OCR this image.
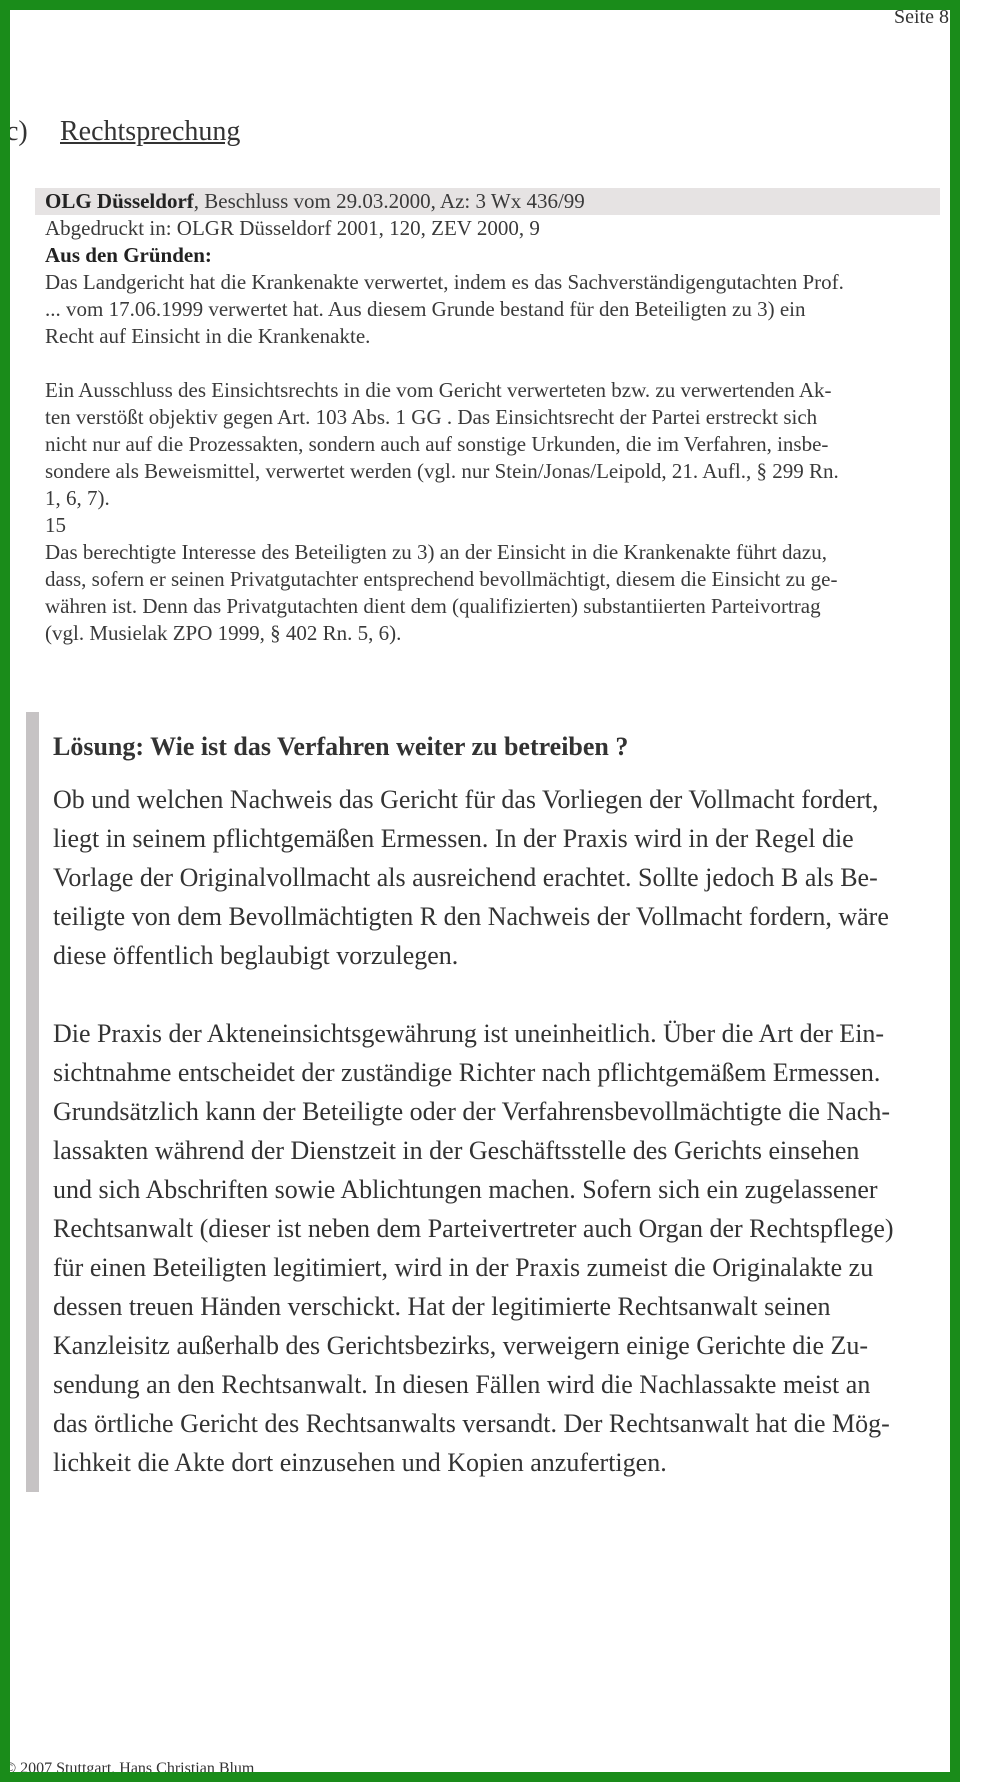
Seite 8
c) Rechtsprechung
OLG Düsseldorf, Beschluss vom 29.03.2000, Az: 3 Wx 436/99
Abgedruckt in: OLGR Düsseldorf 2001, 120, ZEV 2000, 9
Aus den Gründen:
Das Landgericht hat die Krankenakte verwertet, indem es das Sachverständigengutachten Prof.
... vom 17.06.1999 verwertet hat. Aus diesem Grunde bestand für den Beteiligten zu 3) ein
Recht auf Einsicht in die Krankenakte.
Ein Ausschluss des Einsichtsrechts in die vom Gericht verwerteten bzw. zu verwertenden Ak-
ten verstößt objektiv gegen Art. 103 Abs. 1 GG . Das Einsichtsrecht der Partei erstreckt sich
nicht nur auf die Prozessakten, sondern auch auf sonstige Urkunden, die im Verfahren, insbe-
sondere als Beweismittel, verwertet werden (vgl. nur Stein/Jonas/Leipold, 21. Aufl., § 299 Rn.
1, 6, 7).
15
Das berechtigte Interesse des Beteiligten zu 3) an der Einsicht in die Krankenakte führt dazu,
dass, sofern er seinen Privatgutachter entsprechend bevollmächtigt, diesem die Einsicht zu ge-
währen ist. Denn das Privatgutachten dient dem (qualifizierten) substantiierten Parteivortrag
(vgl. Musielak ZPO 1999, § 402 Rn. 5, 6).
Lösung: Wie ist das Verfahren weiter zu betreiben ?
Ob und welchen Nachweis das Gericht für das Vorliegen der Vollmacht fordert,
liegt in seinem pflichtgemäßen Ermessen. In der Praxis wird in der Regel die
Vorlage der Originalvollmacht als ausreichend erachtet. Sollte jedoch B als Be-
teiligte von dem Bevollmächtigten R den Nachweis der Vollmacht fordern, wäre
diese öffentlich beglaubigt vorzulegen.
Die Praxis der Akteneinsichtsgewährung ist uneinheitlich. Über die Art der Ein-
sichtnahme entscheidet der zuständige Richter nach pflichtgemäßem Ermessen.
Grundsätzlich kann der Beteiligte oder der Verfahrensbevollmächtigte die Nach-
lassakten während der Dienstzeit in der Geschäftsstelle des Gerichts einsehen
und sich Abschriften sowie Ablichtungen machen. Sofern sich ein zugelassener
Rechtsanwalt (dieser ist neben dem Parteivertreter auch Organ der Rechtspflege)
für einen Beteiligten legitimiert, wird in der Praxis zumeist die Originalakte zu
dessen treuen Händen verschickt. Hat der legitimierte Rechtsanwalt seinen
Kanzleisitz außerhalb des Gerichtsbezirks, verweigern einige Gerichte die Zu-
sendung an den Rechtsanwalt. In diesen Fällen wird die Nachlassakte meist an
das örtliche Gericht des Rechtsanwalts versandt. Der Rechtsanwalt hat die Mög-
lichkeit die Akte dort einzusehen und Kopien anzufertigen.
© 2007 Stuttgart, Hans Christian Blum
